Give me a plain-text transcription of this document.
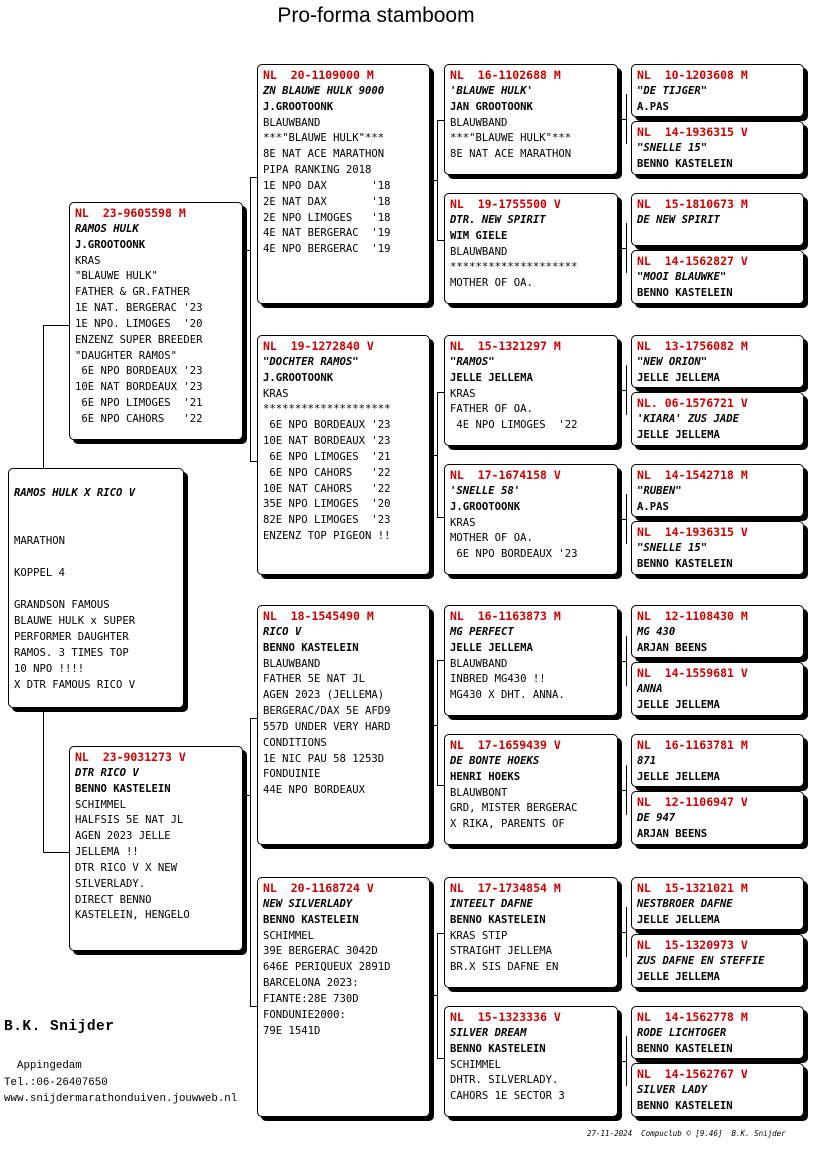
Pro-forma stamboom
RAMOS HULK X RICO V
MARATHON
KOPPEL 4
GRANDSON FAMOUS
BLAUWE HULK x SUPER
PERFORMER DAUGHTER
RAMOS. 3 TIMES TOP
10 NPO !!!!
X DTR FAMOUS RICO V
NL  23-9605598 M
RAMOS HULK
J.GROOTOONK
KRAS
"BLAUWE HULK"
FATHER & GR.FATHER
1E NAT. BERGERAC '23
1E NPO. LIMOGES  '20
ENZENZ SUPER BREEDER
"DAUGHTER RAMOS"
6E NPO BORDEAUX '23
10E NAT BORDEAUX '23
6E NPO LIMOGES  '21
6E NPO CAHORS   '22
NL  23-9031273 V
DTR RICO V
BENNO KASTELEIN
SCHIMMEL
HALFSIS 5E NAT JL
AGEN 2023 JELLE
JELLEMA !!
DTR RICO V X NEW
SILVERLADY.
DIRECT BENNO
KASTELEIN, HENGELO
NL  20-1109000 M
ZN BLAUWE HULK 9000
J.GROOTOONK
BLAUWBAND
***"BLAUWE HULK"***
8E NAT ACE MARATHON
PIPA RANKING 2018
1E NPO DAX       '18
2E NAT DAX       '18
2E NPO LIMOGES   '18
4E NAT BERGERAC  '19
4E NPO BERGERAC  '19
NL  19-1272840 V
"DOCHTER RAMOS"
J.GROOTOONK
KRAS
********************
6E NPO BORDEAUX '23
10E NAT BORDEAUX '23
6E NPO LIMOGES  '21
6E NPO CAHORS   '22
10E NAT CAHORS   '22
35E NPO LIMOGES  '20
82E NPO LIMOGES  '23
ENZENZ TOP PIGEON !!
NL  18-1545490 M
RICO V
BENNO KASTELEIN
BLAUWBAND
FATHER 5E NAT JL
AGEN 2023 (JELLEMA)
BERGERAC/DAX 5E AFD9
557D UNDER VERY HARD
CONDITIONS
1E NIC PAU 58 1253D
FONDUINIE
44E NPO BORDEAUX
NL  20-1168724 V
NEW SILVERLADY
BENNO KASTELEIN
SCHIMMEL
39E BERGERAC 3042D
646E PERIQUEUX 2891D
BARCELONA 2023:
FIANTE:28E 730D
FONDUNIE2000:
79E 1541D
NL  16-1102688 M
'BLAUWE HULK'
JAN GROOTOONK
BLAUWBAND
***"BLAUWE HULK"***
8E NAT ACE MARATHON
NL  19-1755500 V
DTR. NEW SPIRIT
WIM GIELE
BLAUWBAND
********************
MOTHER OF OA.
NL  15-1321297 M
"RAMOS"
JELLE JELLEMA
KRAS
FATHER OF OA.
4E NPO LIMOGES  '22
NL  17-1674158 V
'SNELLE 58'
J.GROOTOONK
KRAS
MOTHER OF OA.
6E NPO BORDEAUX '23
NL  16-1163873 M
MG PERFECT
JELLE JELLEMA
BLAUWBAND
INBRED MG430 !!
MG430 X DHT. ANNA.
NL  17-1659439 V
DE BONTE HOEKS
HENRI HOEKS
BLAUWBONT
GRD, MISTER BERGERAC
X RIKA, PARENTS OF
NL  17-1734854 M
INTEELT DAFNE
BENNO KASTELEIN
KRAS STIP
STRAIGHT JELLEMA
BR.X SIS DAFNE EN
NL  15-1323336 V
SILVER DREAM
BENNO KASTELEIN
SCHIMMEL
DHTR. SILVERLADY.
CAHORS 1E SECTOR 3
NL  10-1203608 M
"DE TIJGER"
A.PAS
NL  14-1936315 V
"SNELLE 15"
BENNO KASTELEIN
NL  15-1810673 M
DE NEW SPIRIT
NL  14-1562827 V
"MOOI BLAUWKE"
BENNO KASTELEIN
NL  13-1756082 M
"NEW ORION"
JELLE JELLEMA
NL. 06-1576721 V
'KIARA' ZUS JADE
JELLE JELLEMA
NL  14-1542718 M
"RUBEN"
A.PAS
NL  14-1936315 V
"SNELLE 15"
BENNO KASTELEIN
NL  12-1108430 M
MG 430
ARJAN BEENS
NL  14-1559681 V
ANNA
JELLE JELLEMA
NL  16-1163781 M
871
JELLE JELLEMA
NL  12-1106947 V
DE 947
ARJAN BEENS
NL  15-1321021 M
NESTBROER DAFNE
JELLE JELLEMA
NL  15-1320973 V
ZUS DAFNE EN STEFFIE
JELLE JELLEMA
NL  14-1562778 M
RODE LICHTOGER
BENNO KASTELEIN
NL  14-1562767 V
SILVER LADY
BENNO KASTELEIN
B.K. Snijder
Appingedam
Tel.:06-26407650
www.snijdermarathonduiven.jouwweb.nl
27-11-2024  Compuclub © [9.46]  B.K. Snijder
